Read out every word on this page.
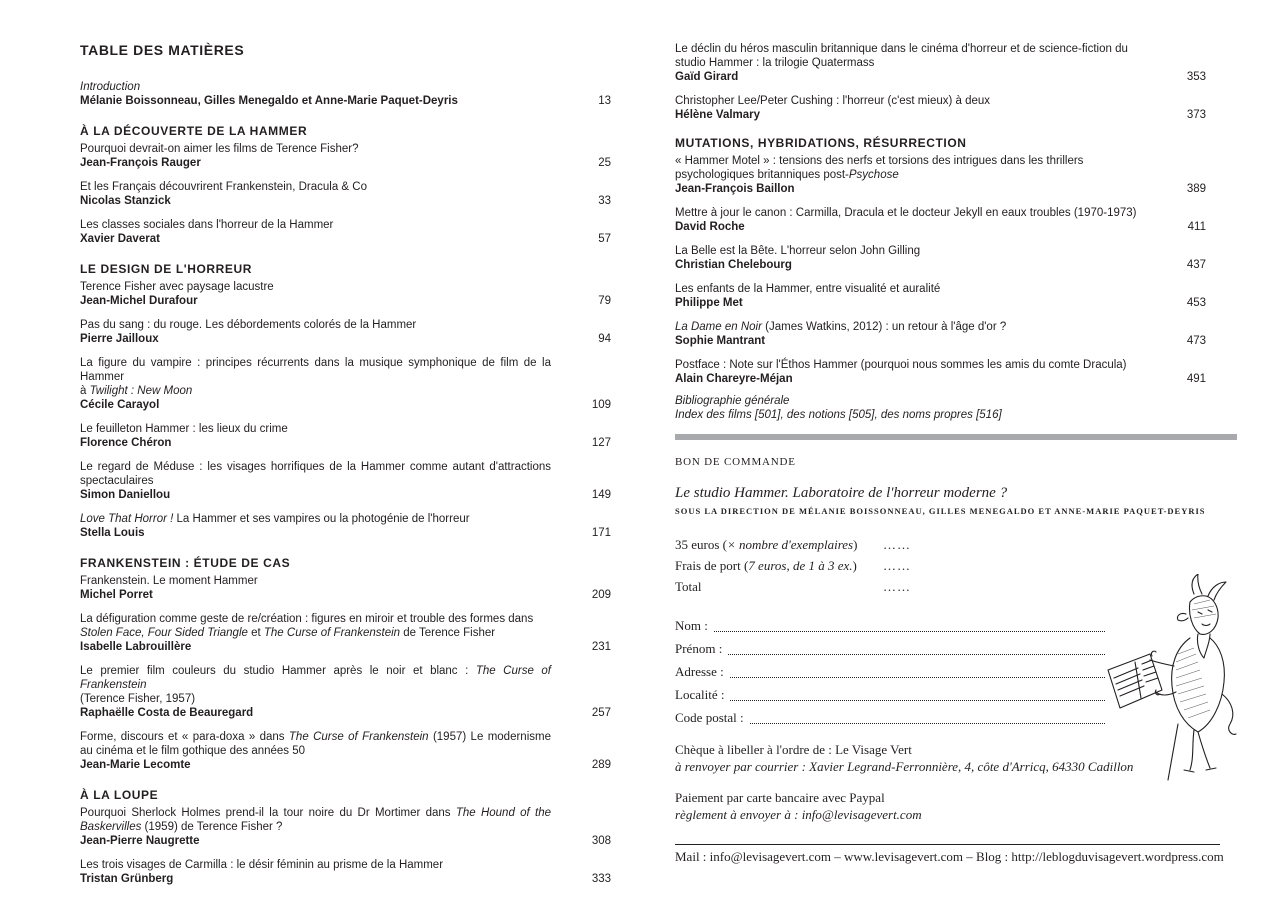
TABLE DES MATIÈRES
Introduction
Mélanie Boissonneau, Gilles Menegaldo et Anne-Marie Paquet-Deyris	13
À LA DÉCOUVERTE DE LA HAMMER
Pourquoi devrait-on aimer les films de Terence Fisher?
Jean-François Rauger	25
Et les Français découvrirent Frankenstein, Dracula & Co
Nicolas Stanzick	33
Les classes sociales dans l'horreur de la Hammer
Xavier Daverat	57
LE DESIGN DE L'HORREUR
Terence Fisher avec paysage lacustre
Jean-Michel Durafour	79
Pas du sang : du rouge. Les débordements colorés de la Hammer
Pierre Jailloux	94
La figure du vampire : principes récurrents dans la musique symphonique de film de la Hammer
à Twilight : New Moon
Cécile Carayol	109
Le feuilleton Hammer : les lieux du crime
Florence Chéron	127
Le regard de Méduse : les visages horrifiques de la Hammer comme autant d'attractions spectaculaires
Simon Daniellou	149
Love That Horror ! La Hammer et ses vampires ou la photogénie de l'horreur
Stella Louis	171
FRANKENSTEIN : ÉTUDE DE CAS
Frankenstein. Le moment Hammer
Michel Porret	209
La défiguration comme geste de re/création : figures en miroir et trouble des formes dans
Stolen Face, Four Sided Triangle et The Curse of Frankenstein de Terence Fisher
Isabelle Labrouillère	231
Le premier film couleurs du studio Hammer après le noir et blanc : The Curse of Frankenstein
(Terence Fisher, 1957)
Raphaëlle Costa de Beauregard	257
Forme, discours et « para-doxa » dans The Curse of Frankenstein (1957) Le modernisme au cinéma et le film gothique des années 50
Jean-Marie Lecomte	289
À LA LOUPE
Pourquoi Sherlock Holmes prend-il la tour noire du Dr Mortimer dans The Hound of the Baskervilles (1959) de Terence Fisher ?
Jean-Pierre Naugrette	308
Les trois visages de Carmilla : le désir féminin au prisme de la Hammer
Tristan Grünberg	333
Le déclin du héros masculin britannique dans le cinéma d'horreur et de science-fiction du studio Hammer : la trilogie Quatermass
Gaïd Girard	353
Christopher Lee/Peter Cushing : l'horreur (c'est mieux) à deux
Hélène Valmary	373
MUTATIONS, HYBRIDATIONS, RÉSURRECTION
« Hammer Motel » : tensions des nerfs et torsions des intrigues dans les thrillers psychologiques britanniques post-Psychose
Jean-François Baillon	389
Mettre à jour le canon : Carmilla, Dracula et le docteur Jekyll en eaux troubles (1970-1973)
David Roche	411
La Belle est la Bête. L'horreur selon John Gilling
Christian Chelebourg	437
Les enfants de la Hammer, entre visualité et auralité
Philippe Met	453
La Dame en Noir (James Watkins, 2012) : un retour à l'âge d'or ?
Sophie Mantrant	473
Postface : Note sur l'Éthos Hammer (pourquoi nous sommes les amis du comte Dracula)
Alain Chareyre-Méjan	491
Bibliographie générale
Index des films [501], des notions [505], des noms propres [516]
BON DE COMMANDE
Le studio Hammer. Laboratoire de l'horreur moderne ?
SOUS LA DIRECTION DE MÉLANIE BOISSONNEAU, GILLES MENEGALDO ET ANNE-MARIE PAQUET-DEYRIS
35 euros (× nombre d'exemplaires)	……
Frais de port (7 euros, de 1 à 3 ex.)	……
Total	……
Nom :
Prénom :
Adresse :
Localité :
Code postal :
Chèque à libeller à l'ordre de : Le Visage Vert
à renvoyer par courrier : Xavier Legrand-Ferronnière, 4, côte d'Arricq, 64330 Cadillon
Paiement par carte bancaire avec Paypal
règlement à envoyer à : info@levisagevert.com
Mail : info@levisagevert.com – www.levisagevert.com – Blog : http://leblogduvisagevert.wordpress.com
